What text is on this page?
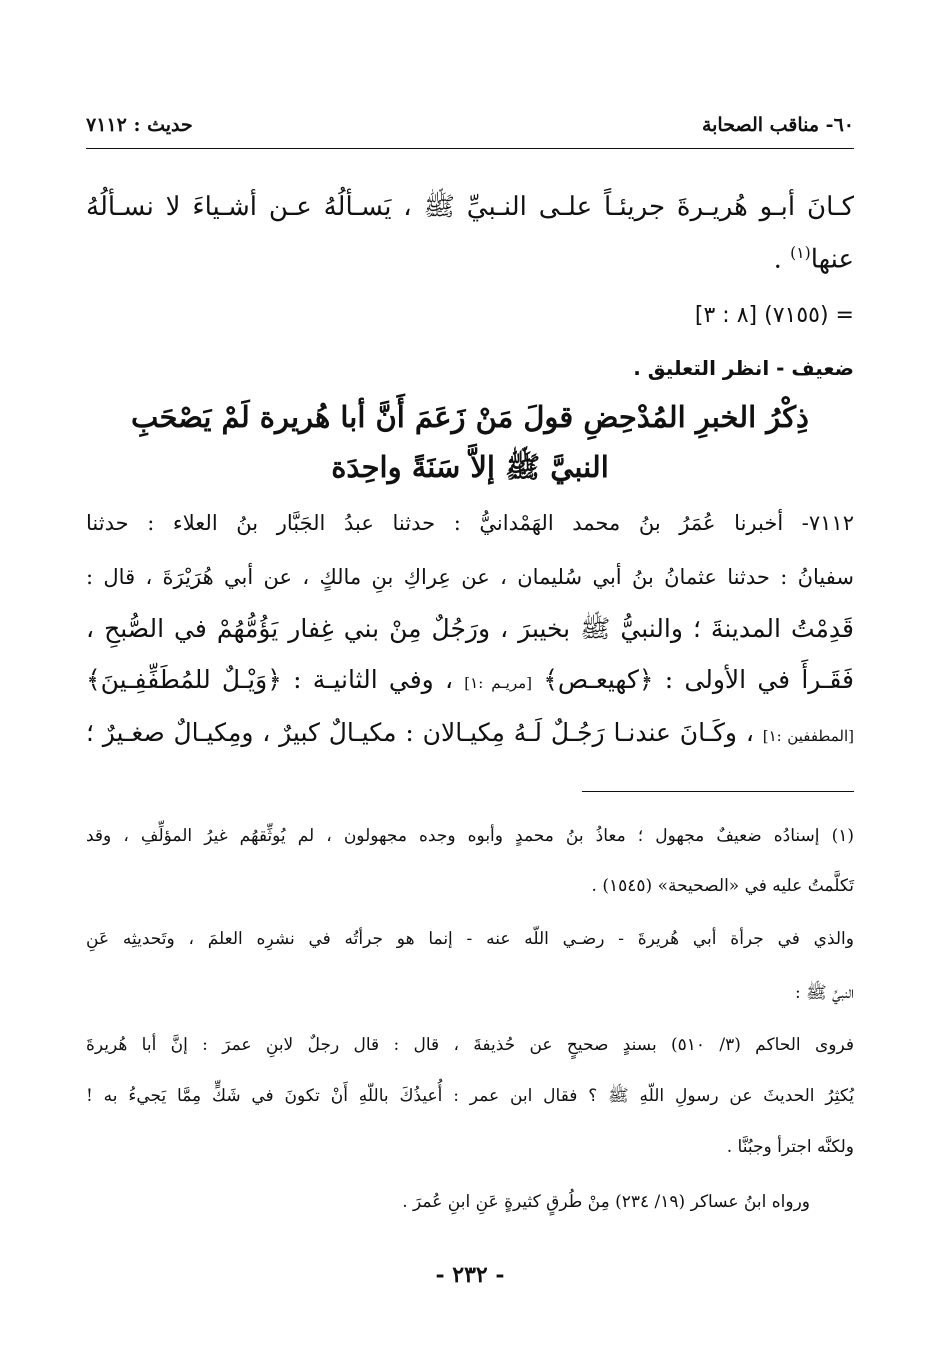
٦٠- مناقب الصحابة
حديث : ٧١١٢
كـانَ أبـو هُريـرةَ جريئـاً علـى النـبيِّ ﷺ ، يَسـألُهُ عـن أشـياءَ لا نسـألُهُ
عنها$^{(١)}$ .
= (٧١٥٥) [٨ : ٣]
ضعيف - انظر التعليق .
ذِكْرُ الخبرِ المُدْحِضِ قولَ مَنْ زَعَمَ أَنَّ أبا هُريرة لَمْ يَصْحَبِ
النبيَّ ﷺ إلاَّ سَنَةً واحِدَة
٧١١٢- أخبرنا عُمَرُ بنُ محمد الهَمْدانيُّ : حدثنا عبدُ الجَبَّار بنُ العلاء : حدثنا
سفيانُ : حدثنا عثمانُ بنُ أبي سُليمان ، عن عِراكِ بنِ مالكٍ ، عن أبي هُرَيْرَةَ ، قال :
قَدِمْتُ المدينةَ ؛ والنبيُّ ﷺ بخيبرَ ، ورَجُلٌ مِنْ بني غِفار يَؤُمُّهُمْ في الصُّبحِ ،
فَقَـرأَ في الأولى : ﴿كهيعـص﴾ [مريـم :١] ، وفي الثانيـة : ﴿وَيْـلٌ للمُطَفِّفِـينَ﴾
[المطففين :١] ، وكَـانَ عندنـا رَجُـلٌ لَـهُ مِكيـالان : مكيـالٌ كبيرٌ ، ومِكيـالٌ صغـيرٌ ؛
(١) إسنادُه ضعيفٌ مجهول ؛ معاذُ بنُ محمدٍ وأبوه وجده مجهولون ، لم يُوثِّقهُم غيرُ المؤلِّفِ ، وقد
تَكلَّمتُ عليه في «الصحيحة» (١٥٤٥) .
والذي في جرأة أبي هُريرةَ - رضـي اللّه عنه - إنما هو جرأتُه في نشرِه العلمَ ، وتَحديثِه عَنِ
النبيِّ ﷺ :
فروى الحاكم (٣/ ٥١٠) بسندٍ صحيحٍ عن حُذيفةَ ، قال : قال رجلٌ لابنِ عمرَ : إنَّ أبا هُريرةَ
يُكثِرُ الحديثَ عن رسولِ اللّهِ ﷺ ؟ فقال ابن عمر : أُعيذُكَ باللّهِ أَنْ تكونَ في شَكٍّ مِمَّا يَجيءُ به !
ولكنَّه اجترأ وجبُنَّا .
ورواه ابنُ عساكر (١٩/ ٢٣٤) مِنْ طُرقٍ كثيرةٍ عَنِ ابنِ عُمرَ .
- ٢٣٢ -
